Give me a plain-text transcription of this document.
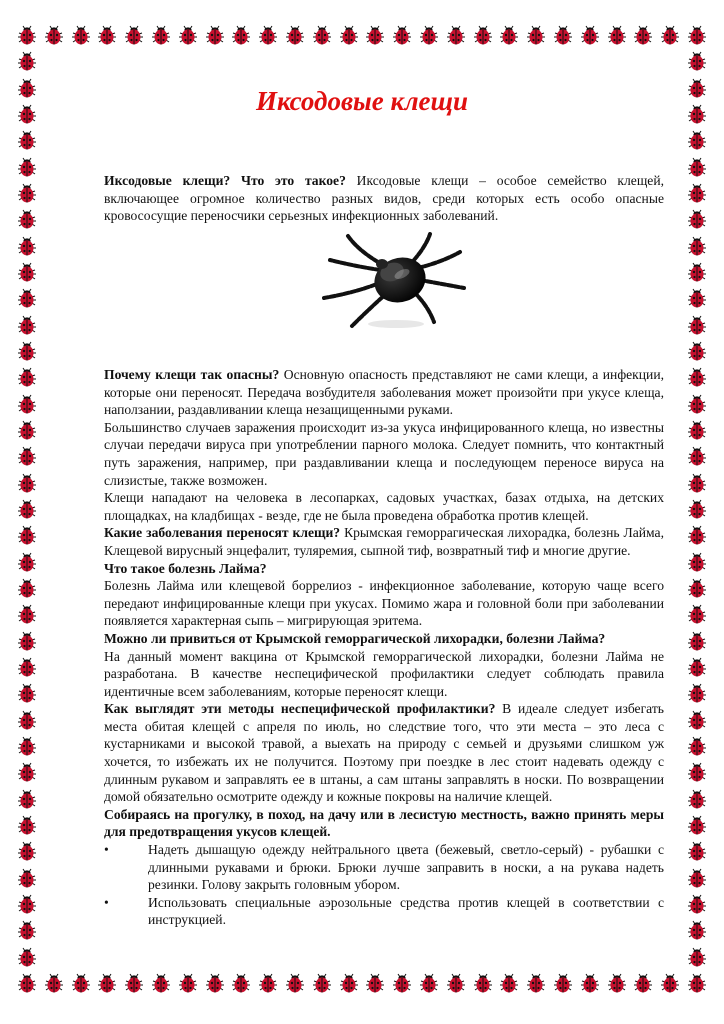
Иксодовые клещи

Иксодовые клещи? Что это такое? Иксодовые клещи – особое семейство клещей, включающее огромное количество разных видов, среди которых есть особо опасные кровососущие переносчики серьезных инфекционных заболеваний.

Почему клещи так опасны? Основную опасность представляют не сами клещи, а инфекции, которые они переносят. Передача возбудителя заболевания может произойти при укусе клеща, наползании, раздавливании клеща незащищенными руками.

Большинство случаев заражения происходит из-за укуса инфицированного клеща, но известны случаи передачи вируса при употреблении парного молока. Следует помнить, что контактный путь заражения, например, при раздавливании клеща и последующем переносе вируса на слизистые, также возможен.

Клещи нападают на человека в лесопарках, садовых участках, базах отдыха, на детских площадках, на кладбищах - везде, где не была проведена обработка против клещей.

Какие заболевания переносят клещи? Крымская геморрагическая лихорадка, болезнь Лайма, Клещевой вирусный энцефалит, туляремия, сыпной тиф, возвратный тиф и многие другие.

Что такое болезнь Лайма?

Болезнь Лайма или клещевой боррелиоз - инфекционное заболевание, которую чаще всего передают инфицированные клещи при укусах. Помимо жара и головной боли при заболевании появляется характерная сыпь – мигрирующая эритема.

Можно ли привиться от Крымской геморрагической лихорадки, болезни Лайма?

На данный момент вакцина от Крымской геморрагической лихорадки, болезни Лайма не разработана. В качестве неспецифической профилактики следует соблюдать правила идентичные всем заболеваниям, которые переносят клещи.

Как выглядят эти методы неспецифической профилактики? В идеале следует избегать места обитая клещей с апреля по июль, но следствие того, что эти места – это леса с кустарниками и высокой травой, а выехать на природу с семьей и друзьями слишком уж хочется, то избежать их не получится. Поэтому при поездке в лес стоит надевать одежду с длинным рукавом и заправлять ее в штаны, а сам штаны заправлять в носки. По возвращении домой обязательно осмотрите одежду и кожные покровы на наличие клещей.

Собираясь на прогулку, в поход, на дачу или в лесистую местность, важно принять меры для предотвращения укусов клещей.

•	Надеть дышащую одежду нейтрального цвета (бежевый, светло-серый) - рубашки с длинными рукавами и брюки. Брюки лучше заправить в носки, а на рукава надеть резинки. Голову закрыть головным убором.
•	Использовать специальные аэрозольные средства против клещей в соответствии с инструкцией.
